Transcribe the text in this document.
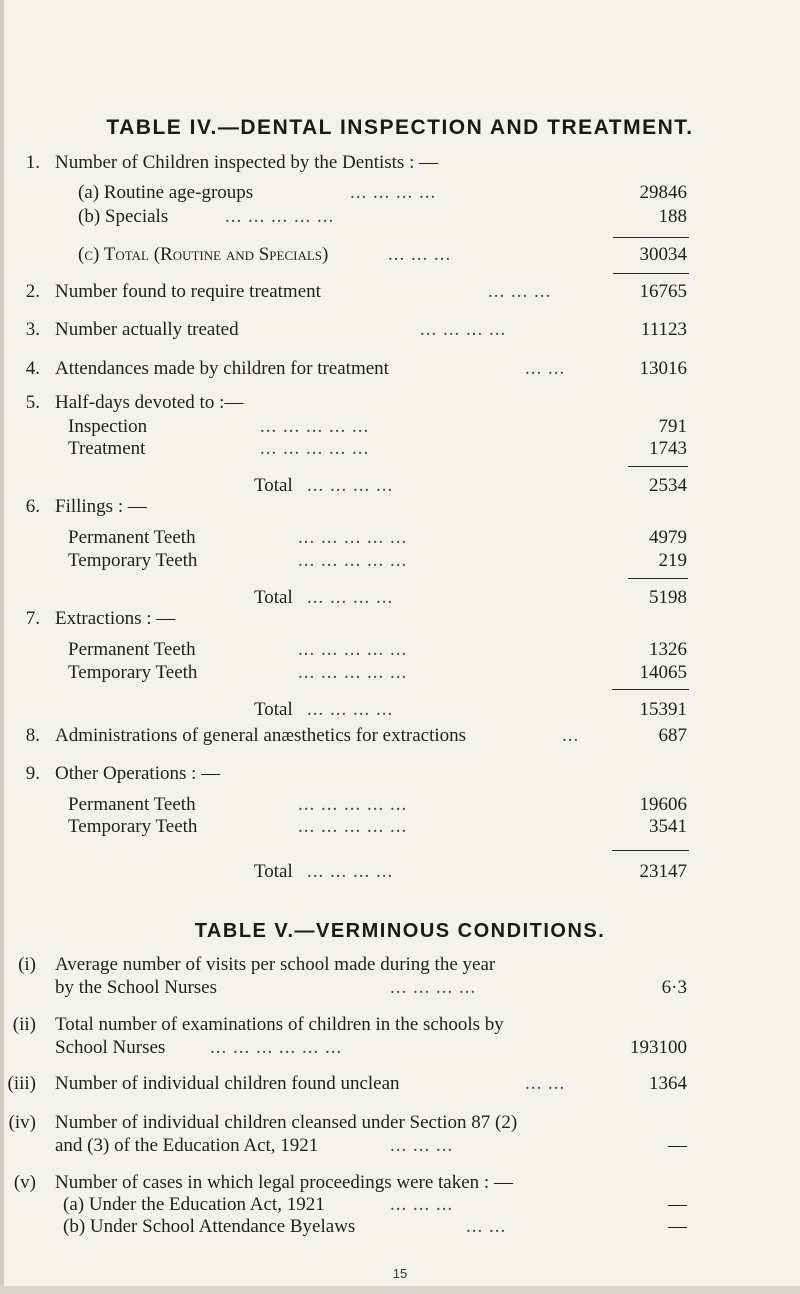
TABLE IV.—DENTAL INSPECTION AND TREATMENT.
1. Number of Children inspected by the Dentists : —
(a) Routine age-groups	... ... ... ...	29846
(b) Specials	... ... ... ... ...	188
(c) Total (Routine and Specials)	... ... ...	30034
2. Number found to require treatment	... ... ...	16765
3. Number actually treated	... ... ... ...	11123
4. Attendances made by children for treatment	... ...	13016
5. Half-days devoted to :—
Inspection	... ... ... ... ...	791
Treatment	... ... ... ... ...	1743
Total ... ... ... ...	2534
6. Fillings : —
Permanent Teeth	... ... ... ... ...	4979
Temporary Teeth	... ... ... ... ...	219
Total ... ... ... ...	5198
7. Extractions : —
Permanent Teeth	... ... ... ... ...	1326
Temporary Teeth	... ... ... ... ...	14065
Total ... ... ... ...	15391
8. Administrations of general anæsthetics for extractions	...	687
9. Other Operations : —
Permanent Teeth	... ... ... ... ...	19606
Temporary Teeth	... ... ... ... ...	3541
Total ... ... ... ...	23147
TABLE V.—VERMINOUS CONDITIONS.
(i) Average number of visits per school made during the year
by the School Nurses	... ... ... ...	6·3
(ii) Total number of examinations of children in the schools by
School Nurses ... ... ... ... ... ...	193100
(iii) Number of individual children found unclean	... ...	1364
(iv) Number of individual children cleansed under Section 87 (2)
and (3) of the Education Act, 1921	... ... ...	—
(v) Number of cases in which legal proceedings were taken : —
(a) Under the Education Act, 1921	... ... ...	—
(b) Under School Attendance Byelaws	... ...	—
15
